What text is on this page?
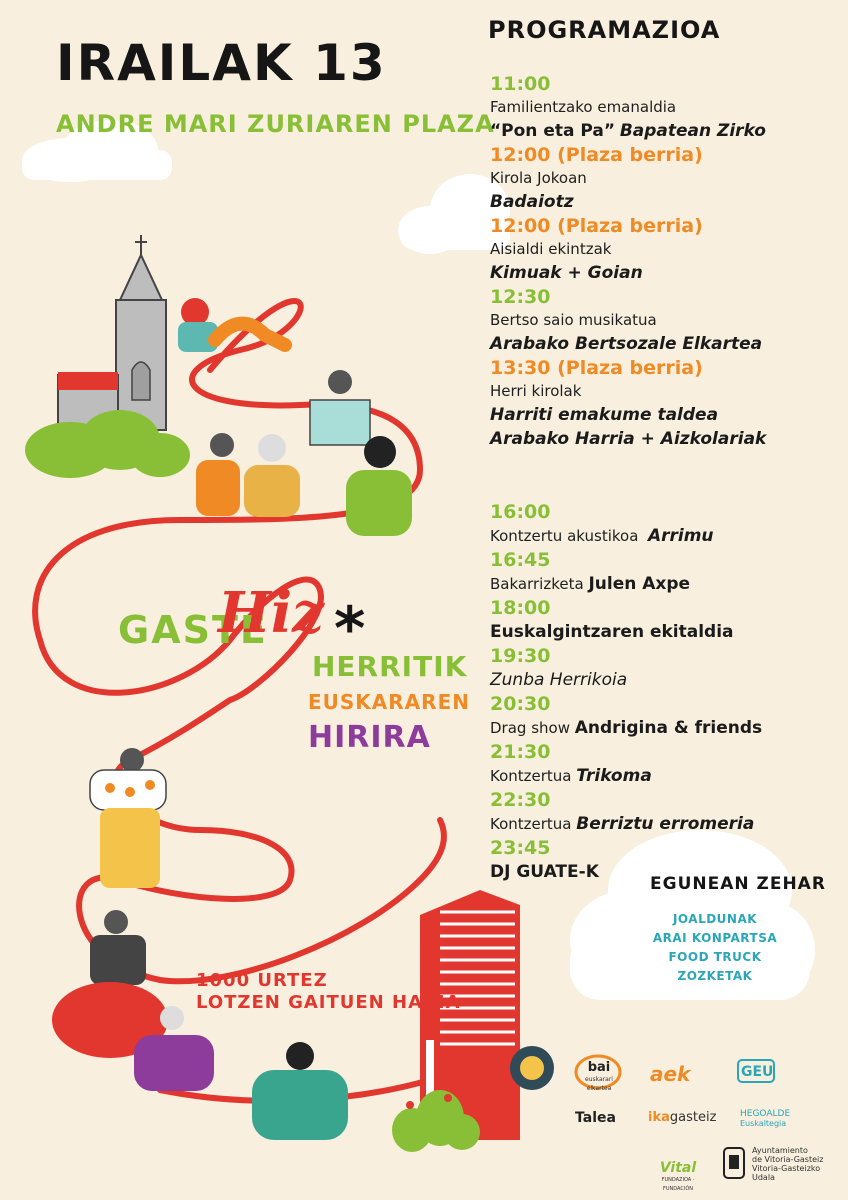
IRAILAK 13
ANDRE MARI ZURIAREN PLAZA
PROGRAMAZIOA
11:00
Familientzako emanaldia
“Pon eta Pa” Bapatean Zirko
12:00 (Plaza berria)
Kirola Jokoan
Badaiotz
12:00 (Plaza berria)
Aisialdi ekintzak
Kimuak + Goian
12:30
Bertso saio musikatua
Arabako Bertsozale Elkartea
13:30 (Plaza berria)
Herri kirolak
Harriti emakume taldea
Arabako Harria + Aizkolariak
16:00
Kontzertu akustikoa Arrimu
16:45
Bakarrizketa Julen Axpe
18:00
Euskalgintzaren ekitaldia
19:30
Zunba Herrikoia
20:30
Drag show Andrigina & friends
21:30
Kontzertua Trikoma
22:30
Kontzertua Berriztu erromeria
23:45
DJ GUATE-K
GASTE
Hiz *
HERRITIK
EUSKARAREN
HIRIRA
1000 URTEZ
LOTZEN GAITUEN HARIA
EGUNEAN ZEHAR
JOALDUNAK
ARAI KONPARTSA
FOOD TRUCK
ZOZKETAK
bai
euskarari elkartea
aek	GEU
Talea ikagasteiz	HEGOALDE
Euskaltegia
Vital
FUNDAZIOA · FUNDACIÓN
Ayuntamiento
de Vitoria-Gasteiz
Vitoria-Gasteizko
Udala
